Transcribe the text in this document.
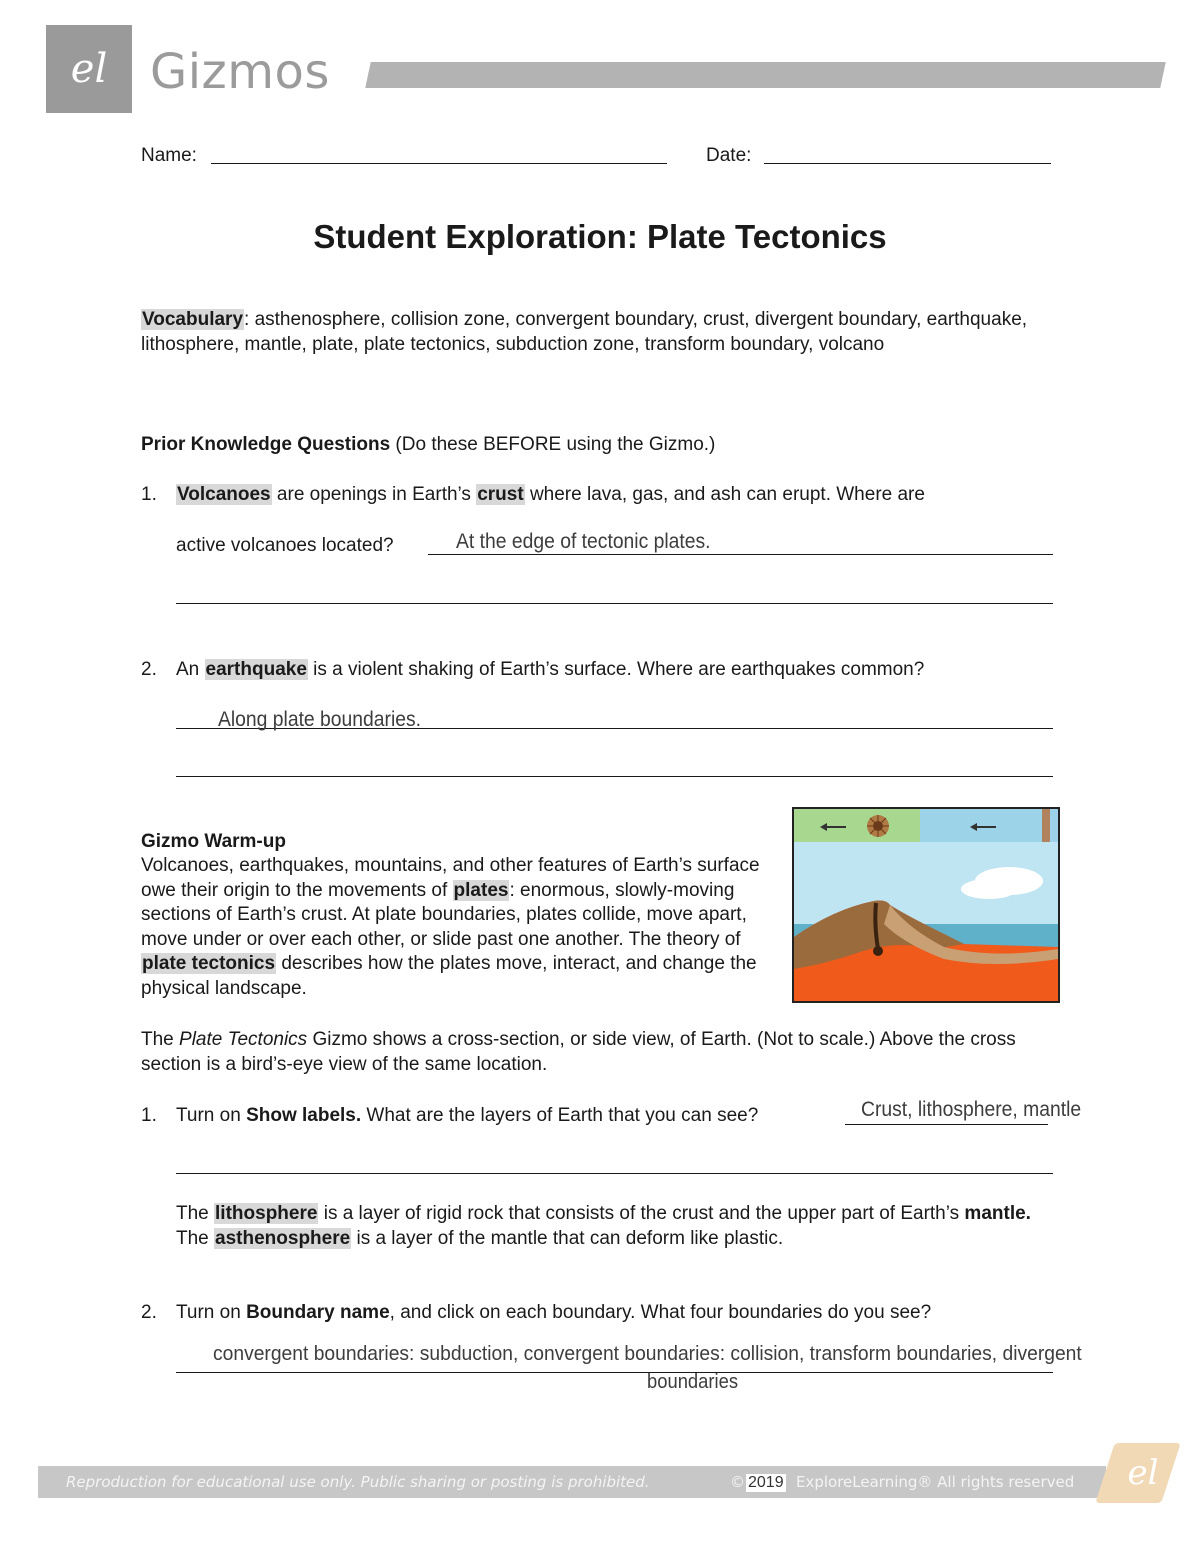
el Gizmos
Name:	Date:
Student Exploration: Plate Tectonics
Vocabulary: asthenosphere, collision zone, convergent boundary, crust, divergent boundary, earthquake, lithosphere, mantle, plate, plate tectonics, subduction zone, transform boundary, volcano
Prior Knowledge Questions (Do these BEFORE using the Gizmo.)
1.	Volcanoes are openings in Earth’s crust where lava, gas, and ash can erupt. Where are
active volcanoes located?	At the edge of tectonic plates.
2.	An earthquake is a violent shaking of Earth’s surface. Where are earthquakes common?
Along plate boundaries.
Gizmo Warm-up
Volcanoes, earthquakes, mountains, and other features of Earth’s surface owe their origin to the movements of plates: enormous, slowly-moving sections of Earth’s crust. At plate boundaries, plates collide, move apart, move under or over each other, or slide past one another. The theory of plate tectonics describes how the plates move, interact, and change the physical landscape.
The Plate Tectonics Gizmo shows a cross-section, or side view, of Earth. (Not to scale.) Above the cross section is a bird’s-eye view of the same location.
1.	Turn on Show labels. What are the layers of Earth that you can see?	Crust, lithosphere, mantle
The lithosphere is a layer of rigid rock that consists of the crust and the upper part of Earth’s mantle. The asthenosphere is a layer of the mantle that can deform like plastic.
2.	Turn on Boundary name, and click on each boundary. What four boundaries do you see?
convergent boundaries: subduction, convergent boundaries: collision, transform boundaries, divergent
boundaries
Reproduction for educational use only. Public sharing or posting is prohibited.	© 2019 ExploreLearning® All rights reserved	el
